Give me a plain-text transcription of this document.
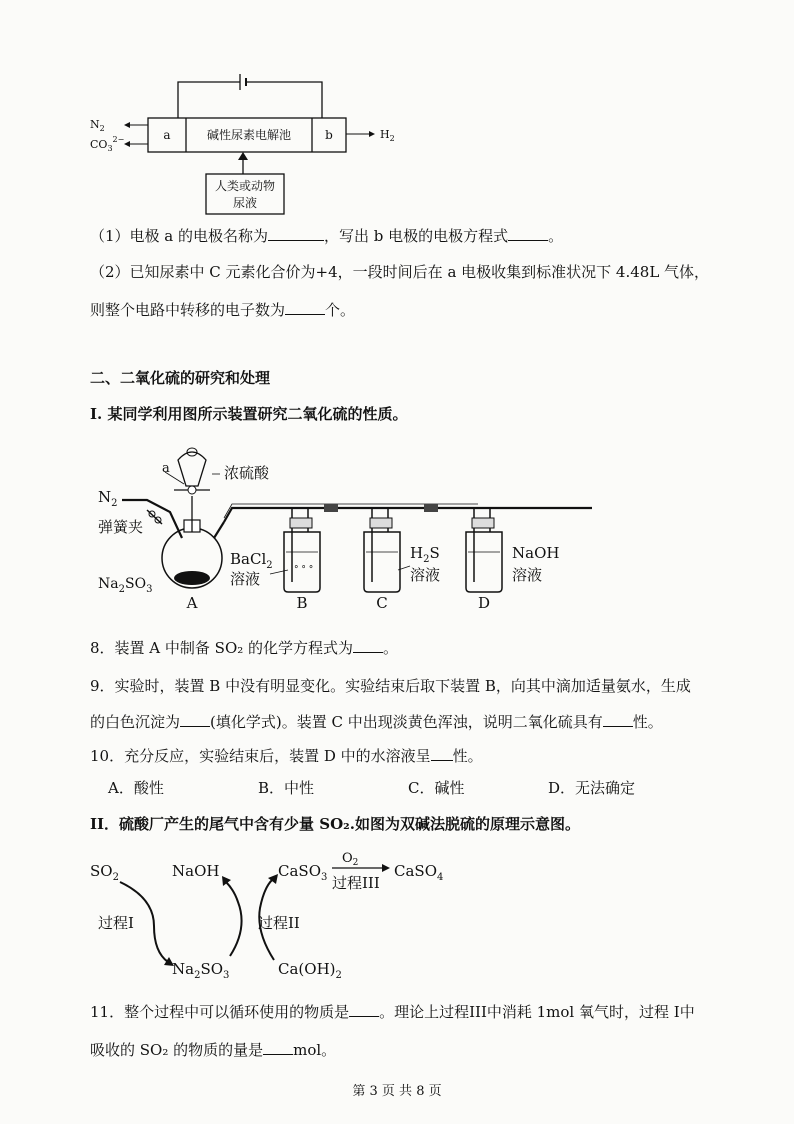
a	碱性尿素电解池	b
$N_2$
$CO_3^{2-}$	$H_2$
人类或动物
尿液
（1）电极 a 的电极名称为	，写出 b 电极的电极方程式	。
（2）已知尿素中 C 元素化合价为+4，一段时间后在 a 电极收集到标准状况下 4.48L 气体，
则整个电路中转移的电子数为	个。
二、二氧化硫的研究和处理
I. 某同学利用图所示装置研究二氧化硫的性质。
$N_2$
弹簧夹
a	浓硫酸
$Na_2SO_3$
° ° °
BaCl$_2$
溶液
$H_2S$
溶液
NaOH
溶液
A	B	C	D
8．装置 A 中制备 SO₂ 的化学方程式为 。
9．实验时，装置 B 中没有明显变化。实验结束后取下装置 B，向其中滴加适量氨水，生成
的白色沉淀为 (填化学式)。装置 C 中出现淡黄色浑浊，说明二氧化硫具有 性。
10．充分反应，实验结束后，装置 D 中的水溶液呈 性。
A．酸性	B．中性	C．碱性	D．无法确定
II．硫酸厂产生的尾气中含有少量 SO₂.如图为双碱法脱硫的原理示意图。
$SO_2$	NaOH	CaSO$_3$
$O_2$
过程III
CaSO$_4$
过程I	过程II
$Na_2SO_3$	$Ca(OH)_2$
11．整个过程中可以循环使用的物质是 。理论上过程III中消耗 1mol 氧气时，过程 I中
吸收的 SO₂ 的物质的量是 mol。
第 3 页 共 8 页
